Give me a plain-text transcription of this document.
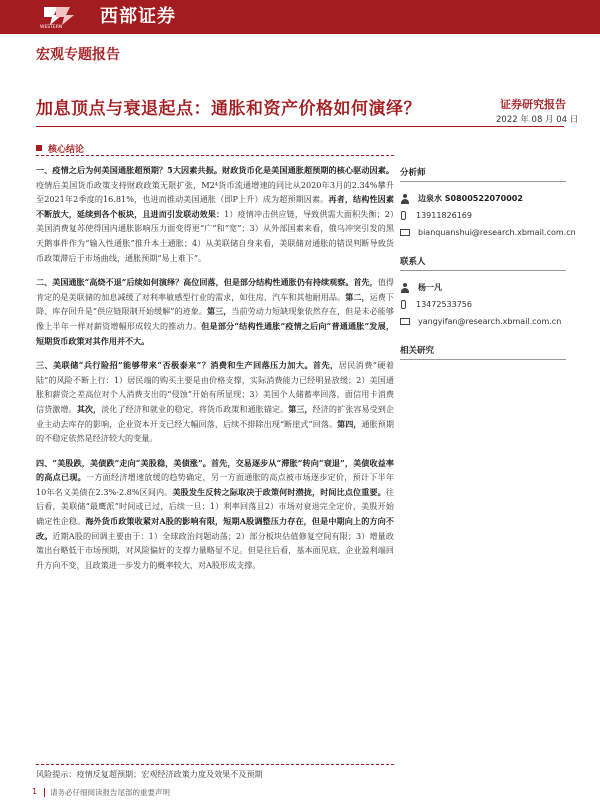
WESTERN
西部证券
宏观专题报告
加息顶点与衰退起点：通胀和资产价格如何演绎？	证券研究报告
2022 年 08 月 04 日
核心结论

一、疫情之后为何美国通胀超预期？5大因素共振。财政货币化是美国通胀超预期的核心驱动因素。疫情后美国货币政策支持财政政策无限扩张，M2⁴货币流通增速的同比从2020年3月的2.34%攀升至2021年2季度的16.81%，也进而推动美国通胀（即P上升）成为超预期因素。再者，结构性因素不断放大，延续到各个板块，且进而引发联动效果：1）疫情冲击供应链，导致供需大面积失衡；2）美国消费复苏使得国内通胀影响压力面变得更“广”和“宽”；3）从外部国素来看，俄乌冲突引发的黑天鹅事件作为“输入性通胀”推升本土通胀；4）从美联储自身来看，美联储对通胀的错误判断导致货币政策滞后于市场曲线，通胀预期“易上难下”。

二、美国通胀“高烧不退”后续如何演绎？高位回落，但是部分结构性通胀仍有持续观察。首先，值得肯定的是美联储的加息减缓了对利率敏感型行业的需求，如住房、汽车和其他耐用品。第二，运费下降、库存回升是“供应链限制开始缓解”的迹象。第三，当前劳动力短缺现象依然存在，但是未必能够像上半年一样对薪资增幅形成较大的推动力。但是部分“结构性通胀”疫情之后向“普通通胀”发展，短期货币政策对其作用并不大。

三、美联储“兵行险招”能够带来“否极泰来”？消费和生产回落压力加大。首先，居民消费“硬着陆”的风险不断上行：1）居民端的购买主要是由价格支撑，实际消费能力已经明显放缓；2）美国通胀和薪资之差高位对个人消费支出的“侵蚀”开始有所显现；3）美国个人储蓄率回落，面信用卡消费信贷激增。其次，淡化了经济和就业的稳定，将货币政策和通胀锚定。第三，经济的扩张容易受到企业主动去库存的影响，企业资本开支已经大幅回落，后续不排除出现“断崖式”回落。第四，通胀预期的不稳定依然是经济较大的变量。

四、“美股跌，美债跌”走向“美股稳，美债涨”。首先，交易逐步从“滞胀”转向“衰退”，美债收益率的高点已现。一方面经济增速放缓的趋势确定，另一方面通胀的高点被市场逐步定价，预计下半年10年名义美债在2.3%-2.8%区间内。美股发生反转之际取决于政策何时潜拢，时间比点位重要。往后看，美联储“最鹰派”时间或已过，后续一旦：1）利率回落且2）市场对衰退完全定价，美股开始确定性企稳。海外货币政策收紧对A股的影响有限，短期A股调整压力存在，但是中期向上的方向不改。近期A股的回调主要由于：1）全球政治问题动荡；2）部分板块估值修复空间有限；3）增量政策出台略低于市场预期，对风险偏好的支撑力量略显不足。但是往后看，基本面见底、企业盈利端回升方向不变，且政策进一步发力的概率较大，对A股形成支撑。

风险提示：疫情反复超预期；宏观经济政策力度及效果不及预期
1 请务必仔细阅读报告尾部的重要声明
分析师
边泉水 S0800522070002
13911826169
bianquanshui@research.xbmail.com.cn
联系人
杨一凡
13472533756
yangyifan@research.xbmail.com.cn
相关研究
